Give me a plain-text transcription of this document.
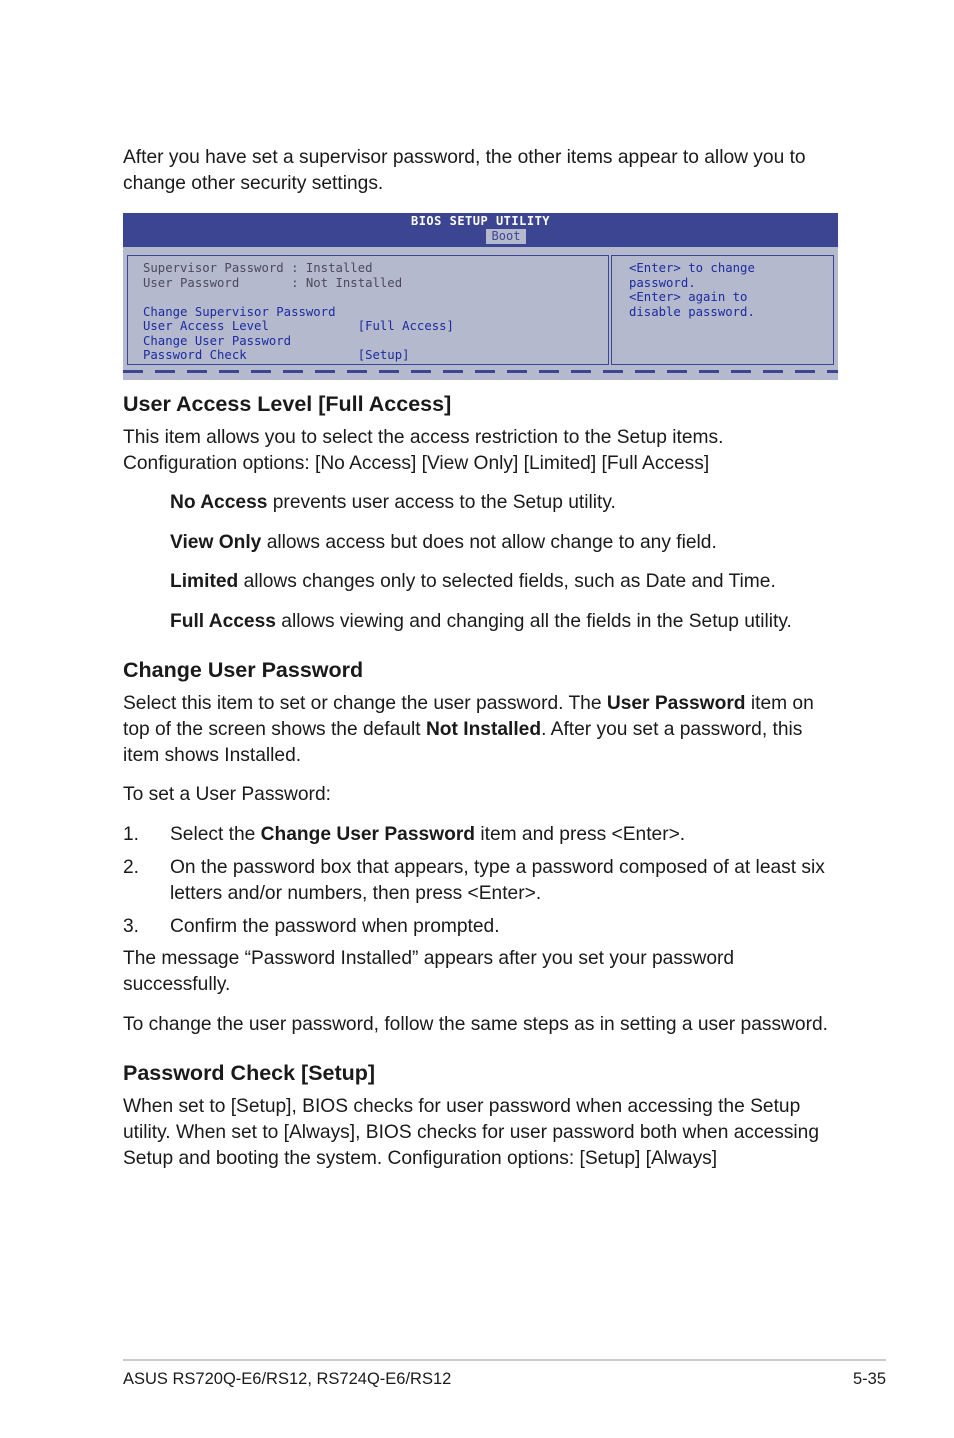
After you have set a supervisor password, the other items appear to allow you to

change other security settings.

BIOS SETUP UTILITY
Boot
Supervisor Password : Installed
User Password       : Not Installed
Change Supervisor Password
User Access Level            [Full Access]
Change User Password
Password Check               [Setup]
<Enter> to change
password.
<Enter> again to
disable password.
User Access Level [Full Access]

This item allows you to select the access restriction to the Setup items.

Configuration options: [No Access] [View Only] [Limited] [Full Access]

No Access prevents user access to the Setup utility.

View Only allows access but does not allow change to any field.

Limited allows changes only to selected fields, such as Date and Time.

Full Access allows viewing and changing all the fields in the Setup utility.

Change User Password

Select this item to set or change the user password. The User Password item on

top of the screen shows the default Not Installed. After you set a password, this

item shows Installed.

To set a User Password:

1.	Select the Change User Password item and press <Enter>.

2.	On the password box that appears, type a password composed of at least six

letters and/or numbers, then press <Enter>.

3.	Confirm the password when prompted.

The message “Password Installed” appears after you set your password

successfully.

To change the user password, follow the same steps as in setting a user password.

Password Check [Setup]

When set to [Setup], BIOS checks for user password when accessing the Setup

utility. When set to [Always], BIOS checks for user password both when accessing

Setup and booting the system. Configuration options: [Setup] [Always]

ASUS RS720Q-E6/RS12, RS724Q-E6/RS12	5-35
